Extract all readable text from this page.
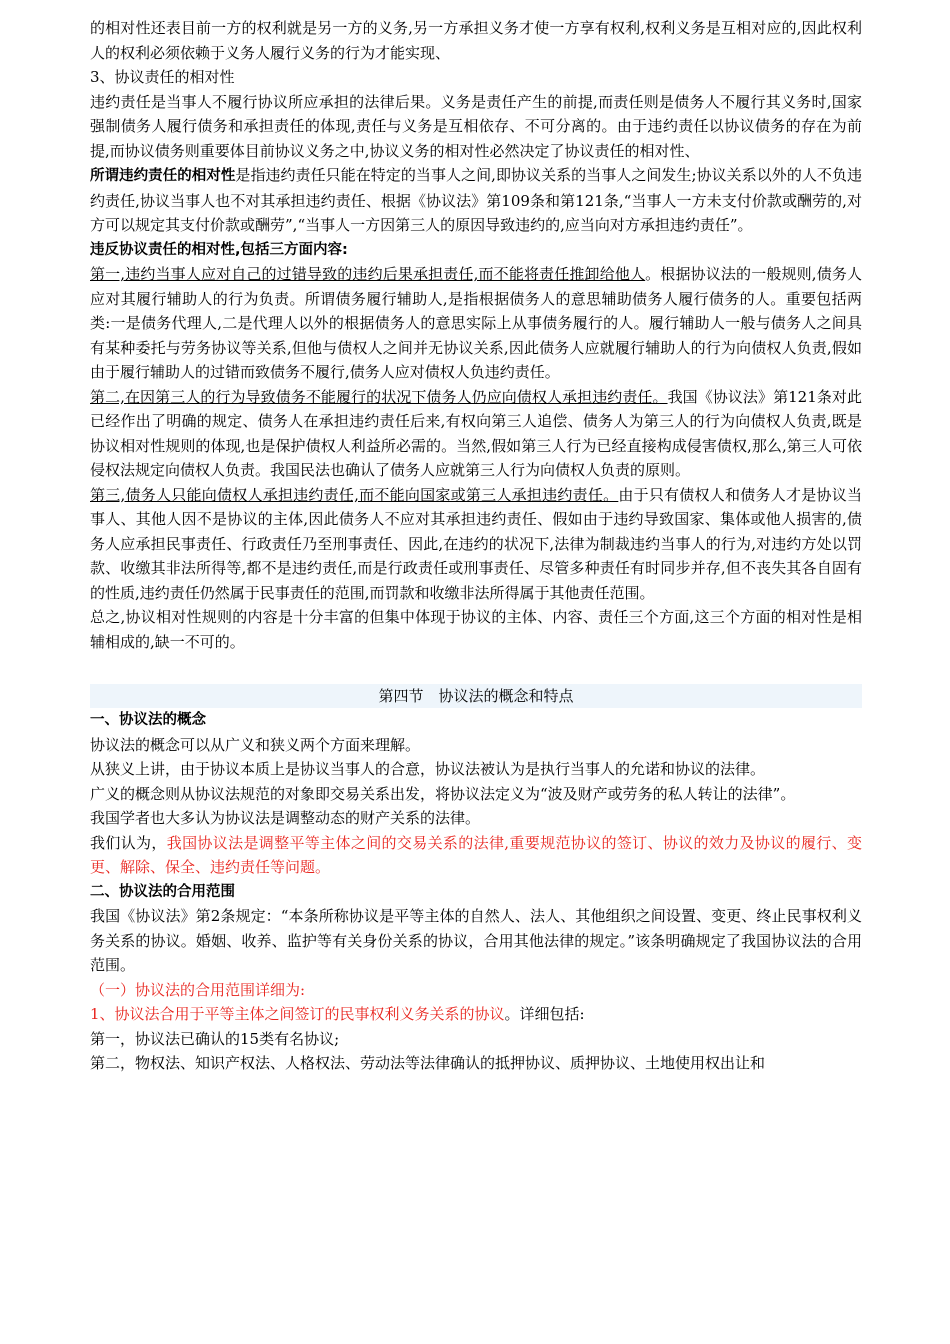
的相对性还表目前一方的权利就是另一方的义务,另一方承担义务才使一方享有权利,权利义务是互相对应的,因此权利人的权利必须依赖于义务人履行义务的行为才能实现、

3、协议责任的相对性

违约责任是当事人不履行协议所应承担的法律后果。义务是责任产生的前提,而责任则是债务人不履行其义务时,国家强制债务人履行债务和承担责任的体现,责任与义务是互相依存、不可分离的。由于违约责任以协议债务的存在为前提,而协议债务则重要体目前协议义务之中,协议义务的相对性必然决定了协议责任的相对性、

所谓违约责任的相对性是指违约责任只能在特定的当事人之间,即协议关系的当事人之间发生;协议关系以外的人不负违约责任,协议当事人也不对其承担违约责任、根据《协议法》第109条和第121条,“当事人一方未支付价款或酬劳的,对方可以规定其支付价款或酬劳”,“当事人一方因第三人的原因导致违约的,应当向对方承担违约责任”。

违反协议责任的相对性,包括三方面内容:

第一,违约当事人应对自己的过错导致的违约后果承担责任,而不能将责任推卸给他人。根据协议法的一般规则,债务人应对其履行辅助人的行为负责。所谓债务履行辅助人,是指根据债务人的意思辅助债务人履行债务的人。重要包括两类:一是债务代理人,二是代理人以外的根据债务人的意思实际上从事债务履行的人。履行辅助人一般与债务人之间具有某种委托与劳务协议等关系,但他与债权人之间并无协议关系,因此债务人应就履行辅助人的行为向债权人负责,假如由于履行辅助人的过错而致债务不履行,债务人应对债权人负违约责任。

第二,在因第三人的行为导致债务不能履行的状况下债务人仍应向债权人承担违约责任。我国《协议法》第121条对此已经作出了明确的规定、债务人在承担违约责任后来,有权向第三人追偿、债务人为第三人的行为向债权人负责,既是协议相对性规则的体现,也是保护债权人利益所必需的。当然,假如第三人行为已经直接构成侵害债权,那么,第三人可依侵权法规定向债权人负责。我国民法也确认了债务人应就第三人行为向债权人负责的原则。

第三,债务人只能向债权人承担违约责任,而不能向国家或第三人承担违约责任。由于只有债权人和债务人才是协议当事人、其他人因不是协议的主体,因此债务人不应对其承担违约责任、假如由于违约导致国家、集体或他人损害的,债务人应承担民事责任、行政责任乃至刑事责任、因此,在违约的状况下,法律为制裁违约当事人的行为,对违约方处以罚款、收缴其非法所得等,都不是违约责任,而是行政责任或刑事责任、尽管多种责任有时同步并存,但不丧失其各自固有的性质,违约责任仍然属于民事责任的范围,而罚款和收缴非法所得属于其他责任范围。

总之,协议相对性规则的内容是十分丰富的但集中体现于协议的主体、内容、责任三个方面,这三个方面的相对性是相辅相成的,缺一不可的。

第四节　协议法的概念和特点

一、协议法的概念

协议法的概念可以从广义和狭义两个方面来理解。

从狭义上讲，由于协议本质上是协议当事人的合意，协议法被认为是执行当事人的允诺和协议的法律。

广义的概念则从协议法规范的对象即交易关系出发，将协议法定义为“波及财产或劳务的私人转让的法律”。

我国学者也大多认为协议法是调整动态的财产关系的法律。

我们认为，我国协议法是调整平等主体之间的交易关系的法律,重要规范协议的签订、协议的效力及协议的履行、变更、解除、保全、违约责任等问题。

二、协议法的合用范围

我国《协议法》第2条规定：“本条所称协议是平等主体的自然人、法人、其他组织之间设置、变更、终止民事权利义务关系的协议。婚姻、收养、监护等有关身份关系的协议，合用其他法律的规定。”该条明确规定了我国协议法的合用范围。

（一）协议法的合用范围详细为:

1、协议法合用于平等主体之间签订的民事权利义务关系的协议。详细包括:

第一，协议法已确认的15类有名协议;

第二，物权法、知识产权法、人格权法、劳动法等法律确认的抵押协议、质押协议、土地使用权出让和
